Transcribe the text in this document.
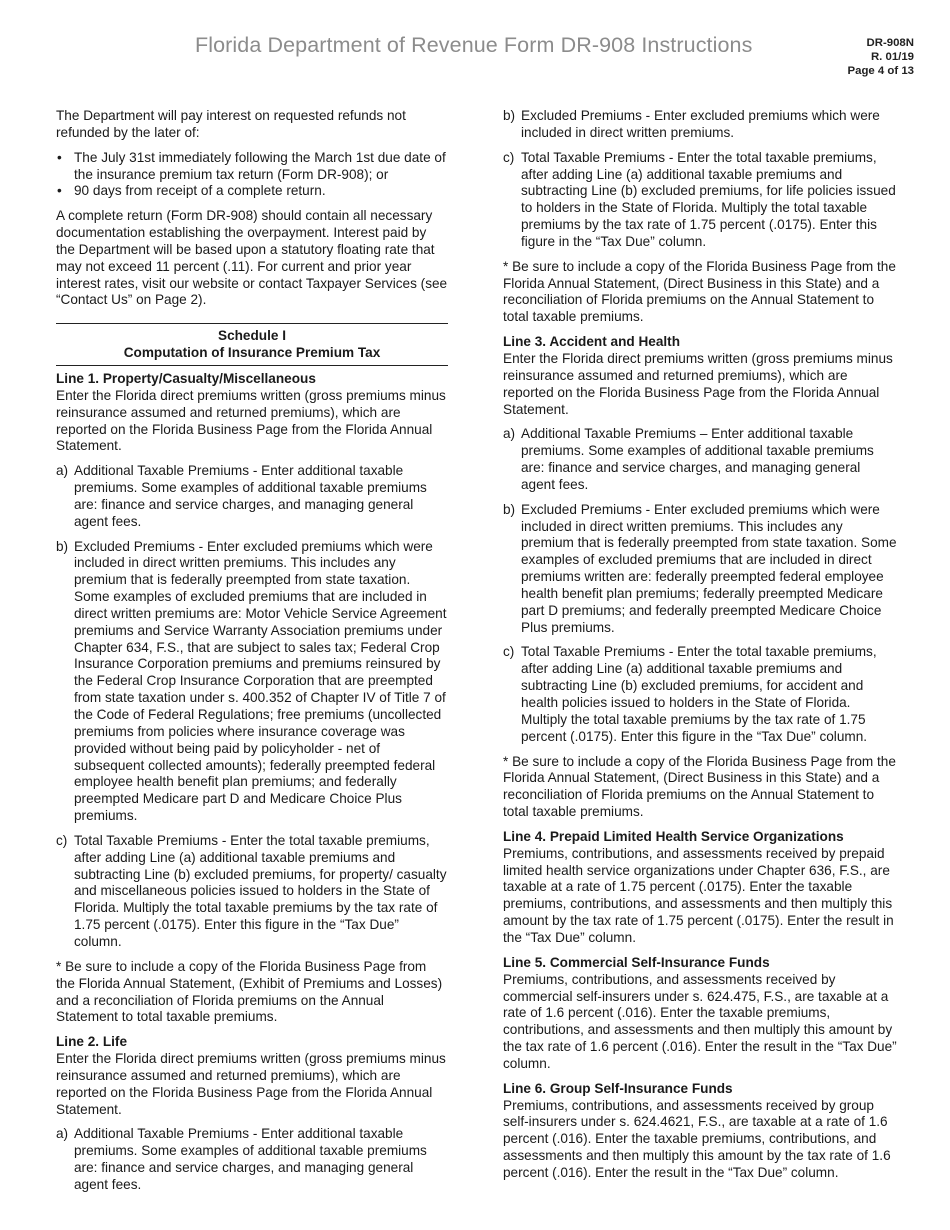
Florida Department of Revenue Form DR-908 Instructions	DR-908N
R. 01/19
Page 4 of 13

The Department will pay interest on requested refunds not refunded by the later of:

• The July 31st immediately following the March 1st due date of the insurance premium tax return (Form DR-908); or
• 90 days from receipt of a complete return.

A complete return (Form DR-908) should contain all necessary documentation establishing the overpayment. Interest paid by the Department will be based upon a statutory floating rate that may not exceed 11 percent (.11). For current and prior year interest rates, visit our website or contact Taxpayer Services (see “Contact Us” on Page 2).

Schedule I
Computation of Insurance Premium Tax
Line 1. Property/Casualty/Miscellaneous

Enter the Florida direct premiums written (gross premiums minus reinsurance assumed and returned premiums), which are reported on the Florida Business Page from the Florida Annual Statement.

a) Additional Taxable Premiums - Enter additional taxable premiums. Some examples of additional taxable premiums are: finance and service charges, and managing general agent fees.
b) Excluded Premiums - Enter excluded premiums which were included in direct written premiums. This includes any premium that is federally preempted from state taxation. Some examples of excluded premiums that are included in direct written premiums are: Motor Vehicle Service Agreement premiums and Service Warranty Association premiums under Chapter 634, F.S., that are subject to sales tax; Federal Crop Insurance Corporation premiums and premiums reinsured by the Federal Crop Insurance Corporation that are preempted from state taxation under s. 400.352 of Chapter IV of Title 7 of the Code of Federal Regulations; free premiums (uncollected premiums from policies where insurance coverage was provided without being paid by policyholder - net of subsequent collected amounts); federally preempted federal employee health benefit plan premiums; and federally preempted Medicare part D and Medicare Choice Plus premiums.
c) Total Taxable Premiums - Enter the total taxable premiums, after adding Line (a) additional taxable premiums and subtracting Line (b) excluded premiums, for property/ casualty and miscellaneous policies issued to holders in the State of Florida. Multiply the total taxable premiums by the tax rate of 1.75 percent (.0175). Enter this figure in the “Tax Due” column.

* Be sure to include a copy of the Florida Business Page from the Florida Annual Statement, (Exhibit of Premiums and Losses) and a reconciliation of Florida premiums on the Annual Statement to total taxable premiums.

Line 2. Life

Enter the Florida direct premiums written (gross premiums minus reinsurance assumed and returned premiums), which are reported on the Florida Business Page from the Florida Annual Statement.

a) Additional Taxable Premiums - Enter additional taxable premiums. Some examples of additional taxable premiums are: finance and service charges, and managing general agent fees.
b) Excluded Premiums - Enter excluded premiums which were included in direct written premiums.
c) Total Taxable Premiums - Enter the total taxable premiums, after adding Line (a) additional taxable premiums and subtracting Line (b) excluded premiums, for life policies issued to holders in the State of Florida. Multiply the total taxable premiums by the tax rate of 1.75 percent (.0175). Enter this figure in the “Tax Due” column.

* Be sure to include a copy of the Florida Business Page from the Florida Annual Statement, (Direct Business in this State) and a reconciliation of Florida premiums on the Annual Statement to total taxable premiums.

Line 3. Accident and Health

Enter the Florida direct premiums written (gross premiums minus reinsurance assumed and returned premiums), which are reported on the Florida Business Page from the Florida Annual Statement.

a) Additional Taxable Premiums – Enter additional taxable premiums. Some examples of additional taxable premiums are: finance and service charges, and managing general agent fees.
b) Excluded Premiums - Enter excluded premiums which were included in direct written premiums. This includes any premium that is federally preempted from state taxation. Some examples of excluded premiums that are included in direct premiums written are: federally preempted federal employee health benefit plan premiums; federally preempted Medicare part D premiums; and federally preempted Medicare Choice Plus premiums.
c) Total Taxable Premiums - Enter the total taxable premiums, after adding Line (a) additional taxable premiums and subtracting Line (b) excluded premiums, for accident and health policies issued to holders in the State of Florida. Multiply the total taxable premiums by the tax rate of 1.75 percent (.0175). Enter this figure in the “Tax Due” column.

* Be sure to include a copy of the Florida Business Page from the Florida Annual Statement, (Direct Business in this State) and a reconciliation of Florida premiums on the Annual Statement to total taxable premiums.

Line 4. Prepaid Limited Health Service Organizations

Premiums, contributions, and assessments received by prepaid limited health service organizations under Chapter 636, F.S., are taxable at a rate of 1.75 percent (.0175). Enter the taxable premiums, contributions, and assessments and then multiply this amount by the tax rate of 1.75 percent (.0175). Enter the result in the “Tax Due” column.

Line 5. Commercial Self-Insurance Funds

Premiums, contributions, and assessments received by commercial self-insurers under s. 624.475, F.S., are taxable at a rate of 1.6 percent (.016). Enter the taxable premiums, contributions, and assessments and then multiply this amount by the tax rate of 1.6 percent (.016). Enter the result in the “Tax Due” column.

Line 6. Group Self-Insurance Funds

Premiums, contributions, and assessments received by group self-insurers under s. 624.4621, F.S., are taxable at a rate of 1.6 percent (.016). Enter the taxable premiums, contributions, and assessments and then multiply this amount by the tax rate of 1.6 percent (.016). Enter the result in the “Tax Due” column.
